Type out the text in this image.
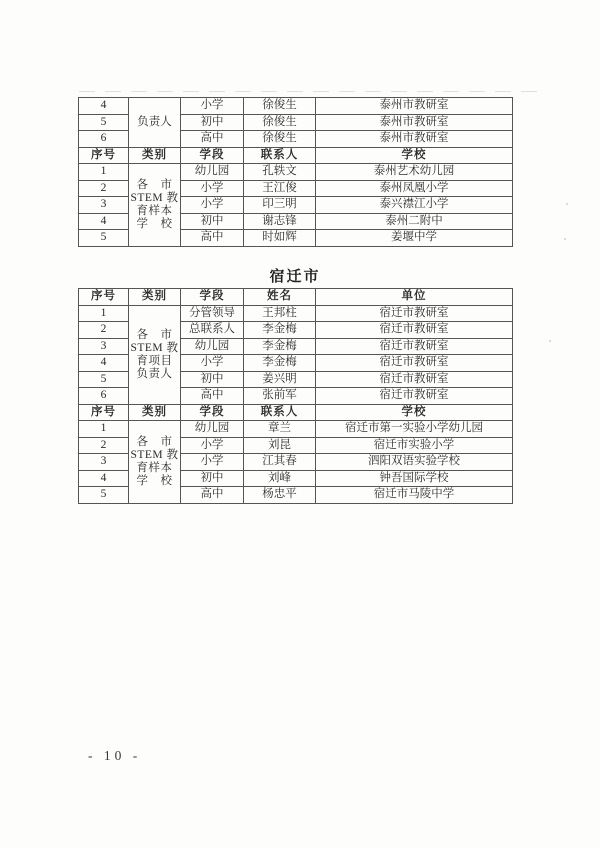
4	负责人	小学	徐俊生	泰州市教研室
5		初中	徐俊生	泰州市教研室
6		高中	徐俊生	泰州市教研室
序号	类别	学段	联系人	学校
1	各　市
STEM 教
育样本
学　校	幼儿园	孔轶文	泰州艺术幼儿园
2		小学	王江俊	泰州凤凰小学
3		小学	印三明	泰兴襟江小学
4		初中	谢志锋	泰州二附中
5		高中	时如辉	姜堰中学
宿迁市
序号	类别	学段	姓名	单位
1	各　市
STEM 教
育项目
负责人	分管领导	王邦柱	宿迁市教研室
2		总联系人	李金梅	宿迁市教研室
3		幼儿园	李金梅	宿迁市教研室
4		小学	李金梅	宿迁市教研室
5		初中	姜兴明	宿迁市教研室
6		高中	张前军	宿迁市教研室
序号	类别	学段	联系人	学校
1	各　市
STEM 教
育样本
学　校	幼儿园	章兰	宿迁市第一实验小学幼儿园
2		小学	刘昆	宿迁市实验小学
3		小学	江其春	泗阳双语实验学校
4		初中	刘峰	钟吾国际学校
5		高中	杨忠平	宿迁市马陵中学
- 10 -
